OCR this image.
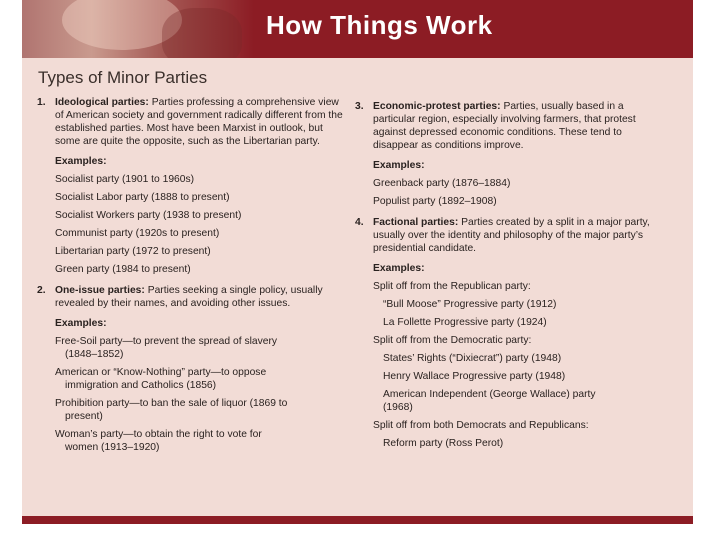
How Things Work
Types of Minor Parties
1. Ideological parties: Parties professing a comprehensive view of American society and government radically different from the established parties. Most have been Marxist in outlook, but some are quite the opposite, such as the Libertarian party.
Examples:
Socialist party (1901 to 1960s)
Socialist Labor party (1888 to present)
Socialist Workers party (1938 to present)
Communist party (1920s to present)
Libertarian party (1972 to present)
Green party (1984 to present)
2. One-issue parties: Parties seeking a single policy, usually revealed by their names, and avoiding other issues.
Examples:
Free-Soil party—to prevent the spread of slavery
(1848–1852)
American or “Know-Nothing” party—to oppose
immigration and Catholics (1856)
Prohibition party—to ban the sale of liquor (1869 to
present)
Woman’s party—to obtain the right to vote for
women (1913–1920)
3. Economic-protest parties: Parties, usually based in a particular region, especially involving farmers, that protest against depressed economic conditions. These tend to disappear as conditions improve.
Examples:
Greenback party (1876–1884)
Populist party (1892–1908)
4. Factional parties: Parties created by a split in a major party, usually over the identity and philosophy of the major party’s presidential candidate.
Examples:
Split off from the Republican party:
“Bull Moose” Progressive party (1912)
La Follette Progressive party (1924)
Split off from the Democratic party:
States’ Rights (“Dixiecrat”) party (1948)
Henry Wallace Progressive party (1948)
American Independent (George Wallace) party
(1968)
Split off from both Democrats and Republicans:
Reform party (Ross Perot)
